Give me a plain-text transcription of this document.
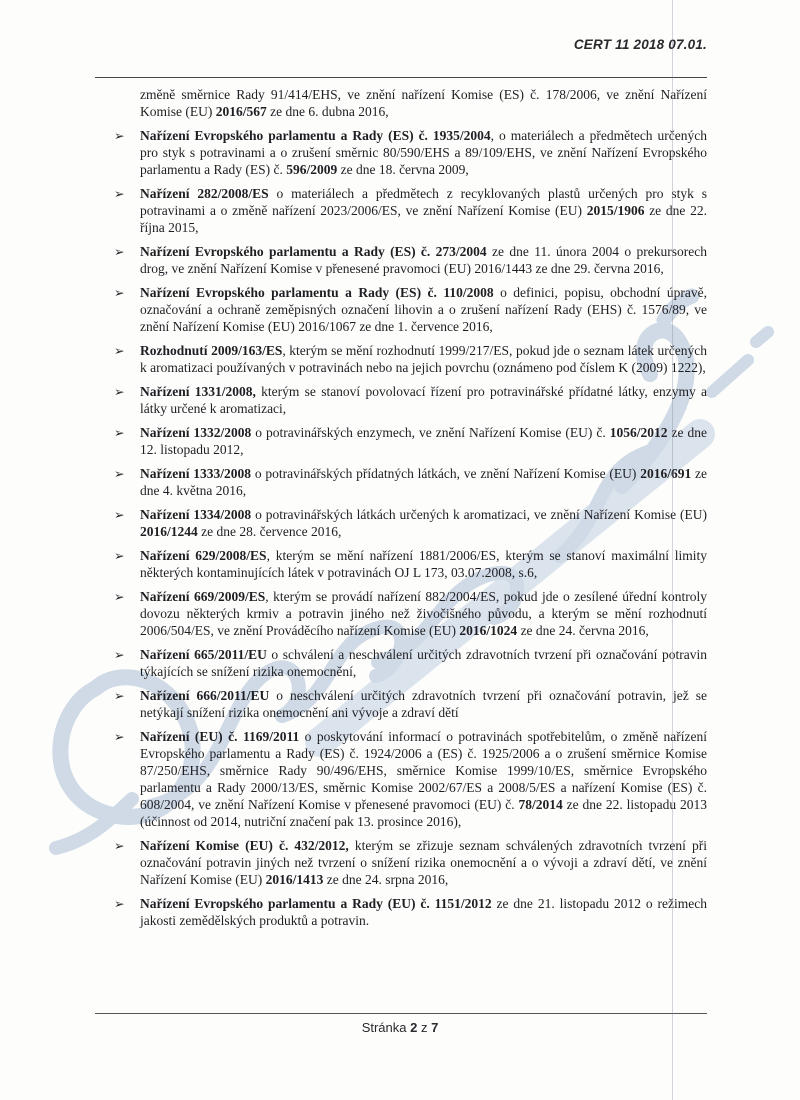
CERT 11 2018 07.01.
změně směrnice Rady 91/414/EHS, ve znění nařízení Komise (ES) č. 178/2006, ve znění Nařízení Komise (EU) 2016/567 ze dne 6. dubna 2016,
➢ Nařízení Evropského parlamentu a Rady (ES) č. 1935/2004, o materiálech a předmětech určených pro styk s potravinami a o zrušení směrnic 80/590/EHS a 89/109/EHS, ve znění Nařízení Evropského parlamentu a Rady (ES) č. 596/2009 ze dne 18. června 2009,
➢ Nařízení 282/2008/ES o materiálech a předmětech z recyklovaných plastů určených pro styk s potravinami a o změně nařízení 2023/2006/ES, ve znění Nařízení Komise (EU) 2015/1906 ze dne 22. října 2015,
➢ Nařízení Evropského parlamentu a Rady (ES) č. 273/2004 ze dne 11. února 2004 o prekursorech drog, ve znění Nařízení Komise v přenesené pravomoci (EU) 2016/1443 ze dne 29. června 2016,
➢ Nařízení Evropského parlamentu a Rady (ES) č. 110/2008 o definici, popisu, obchodní úpravě, označování a ochraně zeměpisných označení lihovin a o zrušení nařízení Rady (EHS) č. 1576/89, ve znění Nařízení Komise (EU) 2016/1067 ze dne 1. července 2016,
➢ Rozhodnutí 2009/163/ES, kterým se mění rozhodnutí 1999/217/ES, pokud jde o seznam látek určených k aromatizaci používaných v potravinách nebo na jejich povrchu (oznámeno pod číslem K (2009) 1222),
➢ Nařízení 1331/2008, kterým se stanoví povolovací řízení pro potravinářské přídatné látky, enzymy a látky určené k aromatizaci,
➢ Nařízení 1332/2008 o potravinářských enzymech, ve znění Nařízení Komise (EU) č. 1056/2012 ze dne 12. listopadu 2012,
➢ Nařízení 1333/2008 o potravinářských přídatných látkách, ve znění Nařízení Komise (EU) 2016/691 ze dne 4. května 2016,
➢ Nařízení 1334/2008 o potravinářských látkách určených k aromatizaci, ve znění Nařízení Komise (EU) 2016/1244 ze dne 28. července 2016,
➢ Nařízení 629/2008/ES, kterým se mění nařízení 1881/2006/ES, kterým se stanoví maximální limity některých kontaminujících látek v potravinách OJ L 173, 03.07.2008, s.6,
➢ Nařízení 669/2009/ES, kterým se provádí nařízení 882/2004/ES, pokud jde o zesílené úřední kontroly dovozu některých krmiv a potravin jiného než živočišného původu, a kterým se mění rozhodnutí 2006/504/ES, ve znění Prováděcího nařízení Komise (EU) 2016/1024 ze dne 24. června 2016,
➢ Nařízení 665/2011/EU o schválení a neschválení určitých zdravotních tvrzení při označování potravin týkajících se snížení rizika onemocnění,
➢ Nařízení 666/2011/EU o neschválení určitých zdravotních tvrzení při označování potravin, jež se netýkají snížení rizika onemocnění ani vývoje a zdraví dětí
➢ Nařízení (EU) č. 1169/2011 o poskytování informací o potravinách spotřebitelům, o změně nařízení Evropského parlamentu a Rady (ES) č. 1924/2006 a (ES) č. 1925/2006 a o zrušení směrnice Komise 87/250/EHS, směrnice Rady 90/496/EHS, směrnice Komise 1999/10/ES, směrnice Evropského parlamentu a Rady 2000/13/ES, směrnic Komise 2002/67/ES a 2008/5/ES a nařízení Komise (ES) č. 608/2004, ve znění Nařízení Komise v přenesené pravomoci (EU) č. 78/2014 ze dne 22. listopadu 2013 (účinnost od 2014, nutriční značení pak 13. prosince 2016),
➢ Nařízení Komise (EU) č. 432/2012, kterým se zřizuje seznam schválených zdravotních tvrzení při označování potravin jiných než tvrzení o snížení rizika onemocnění a o vývoji a zdraví dětí, ve znění Nařízení Komise (EU) 2016/1413 ze dne 24. srpna 2016,
➢ Nařízení Evropského parlamentu a Rady (EU) č. 1151/2012 ze dne 21. listopadu 2012 o režimech jakosti zemědělských produktů a potravin.
Stránka 2 z 7
